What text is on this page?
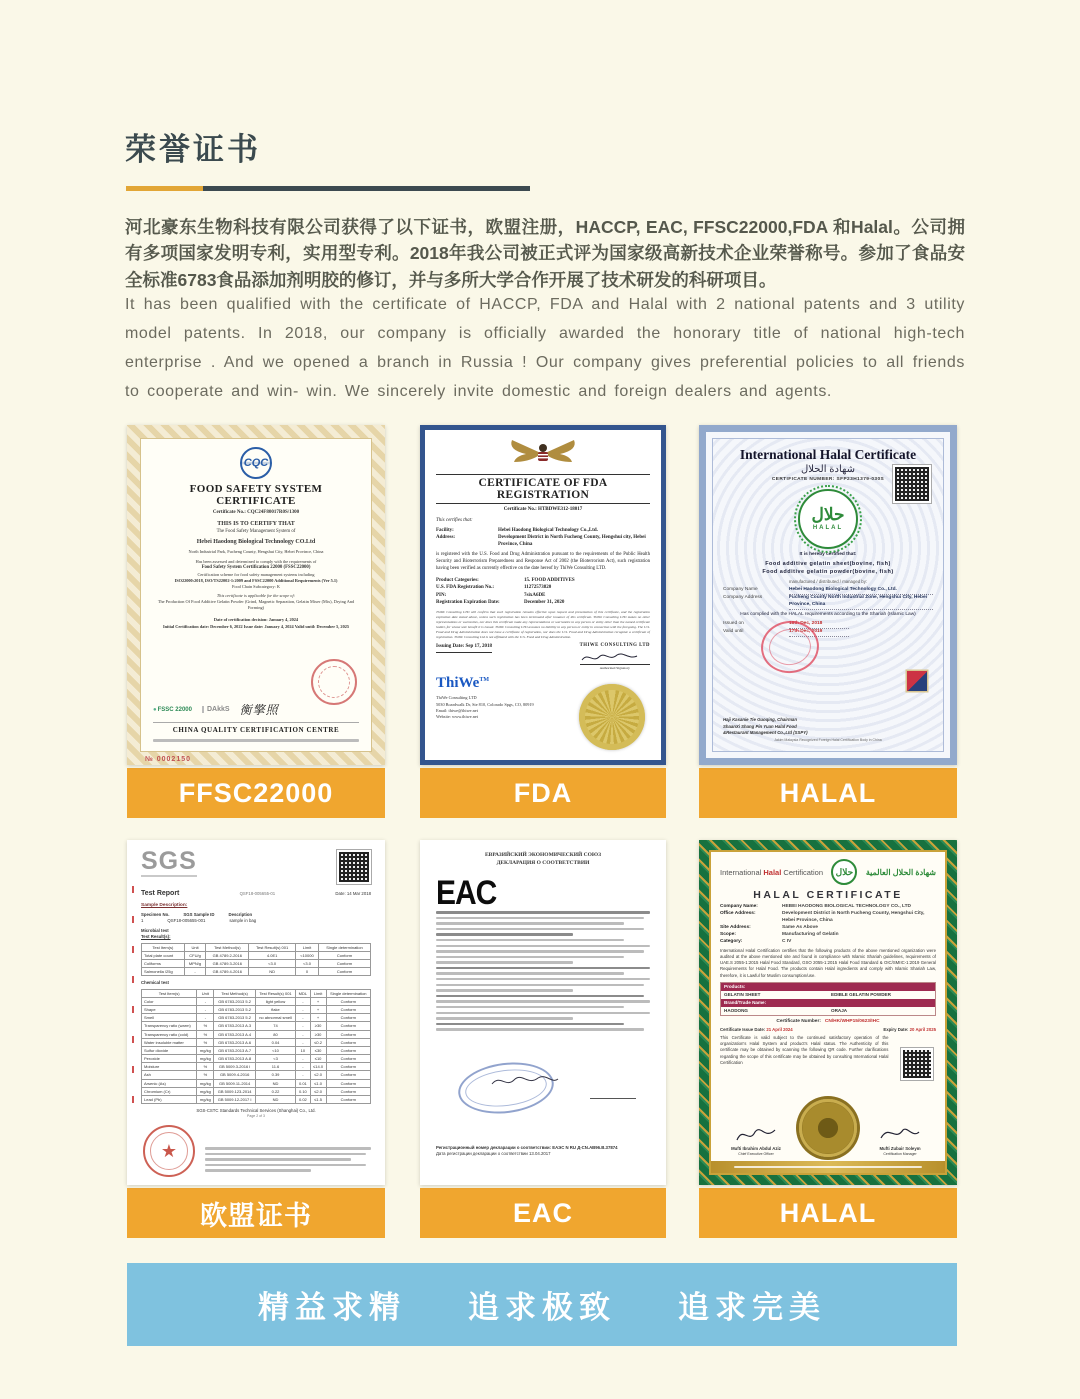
荣誉证书
河北豪东生物科技有限公司获得了以下证书，欧盟注册，HACCP, EAC, FFSC22000,FDA 和Halal。公司拥有多项国家发明专利，实用型专利。2018年我公司被正式评为国家级高新技术企业荣誉称号。参加了食品安全标准6783食品添加剂明胶的修订，并与多所大学合作开展了技术研发的科研项目。
It has been qualified with the certificate of HACCP, FDA and Halal with 2 national patents and 3 utility model patents. In 2018, our company is officially awarded the honorary title of national high-tech enterprise . And we opened a branch in Russia ! Our company gives preferential policies to all friends to cooperate and win- win. We sincerely invite domestic and foreign dealers and agents.
CQC
FOOD SAFETY SYSTEM CERTIFICATE
Certificate No.: CQC24F80017R0S/1300
THIS IS TO CERTIFY THAT
The Food Safety Management System of
Hebei Haodong Biological Technology CO.Ltd
North Industrial Park, Fucheng County, Hengshui City, Hebei Province, China
Has been assessed and determined to comply with the requirements of
Food Safety System Certification 22000 (FSSC22000)
Certification scheme for food safety management systems including
ISO22000:2018, ISO/TS22002-1:2009 and FSSC22000 Additional Requirements (Ver 5.1)
Food Chain Subcategory: K
This certificate is applicable for the scope of:
The Production Of Food Additive Gelatin Powder (Grind, Magnetic Separation, Gelatin Mixer (Mix), Drying And Forming)
Date of certification decision: January 4, 2024
Initial Certification date: December 6, 2022 Issue date: January 4, 2024 Valid until: December 5, 2025
● FSSC 22000	DAkkS 衡擎照
CHINA QUALITY CERTIFICATION CENTRE
№ 0002150
FFSC22000
CERTIFICATE OF FDA REGISTRATION
Certificate No.: HTBDWE312-18017
This certifies that:
Facility:	Hebei Haodong Biological Technology Co.,Ltd.
Address:	Development District in North Fucheng County, Hengshui city, Hebei Province, China
is registered with the U.S. Food and Drug Administration pursuant to the requirements of the Public Health Security and Bioterrorism Preparedness and Response Act of 2002 (the Bioterrorism Act), such registration having been verified as currently effective on the date hereof by ThiWe Consulting LTD.
Product Categories:	15. FOOD ADDITIVES
U.S. FDA Registration No.:	11272573820
PIN:	7sixA6DE
Registration Expiration Date:	December 31, 2020
ThiWe Consulting LTD will confirm that such registration remains effective upon request and presentation of this certificate, and the registration expiration date stated above, unless such registration has been terminated after issuance of this certificate. ThiWe Consulting LTD makes no other representations or warranties, nor does this certificate make any representations or warranties to any person or entity other than the named certificate holder, for whose sole benefit it is issued. ThiWe Consulting LTD assumes no liability to any person or entity in connection with the foregoing. The U.S. Food and Drug Administration does not issue a certificate of registration, nor does the U.S. Food and Drug Administration recognize a certificate of registration. ThiWe Consulting Ltd is not affiliated with the U.S. Food and Drug Administration.
Issuing Date: Sep 17, 2018	THIWE CONSULTING LTD
Authorized Signatory
ThiWe™
ThiWe Consulting LTD
5030 Boardwalk Dr, Ste 810, Colorado Spgs, CO, 80919
Email: thiwe@thiwe.net
Website: www.thiwe.net
FDA
International Halal Certificate
شهادة الحلال
CERTIFICATE NUMBER: SFP23H1379-030S
حلال
HALAL
It is hereby certified that:
Food additive gelatin sheet(bovine, fish)
Food additive gelatin powder(bovine, fish)
manufactured / distributed / managed by:
Company Name	Hebei Haodong Biological Technology Co., Ltd.
Company Address	Fucheng County North Industrial Zone, Hengshui City, Hebei Province, China
Has complied with the HALAL requirements according to the Shariah (Islamic Law)
Issued on	18th Dec, 2018
Valid until	17th Dec, 2019
Haji Kasanie Tie Guoqing, Chairman
ShaanXi Shang Pin Yuan Halal Food
&Restaurant Management Co.,Ltd (SSPY)
Jakim Malaysia Recognized Foreign Halal Certification Body in China
HALAL
SGS
Test Report	QSF18-005655-01	Date: 14 Mar 2018
Sample Description:
Specimen No.	SGS Sample ID	Description
1	QSF18-005655-001	sample in bag
Microbial test
Test Result(s):
Test Item(s)	Unit	Test Method(s)	Test Result(s) 001	Limit	Single determination
Total plate count	CFU/g	GB 4789.2-2016	4.0E1	<10000	Conform
Coliforms	MPN/g	GB 4789.3-2016	<3.0	<3.0	Conform
Salmonella /25g	-	GB 4789.4-2016	ND	0	Conform
Chemical test
Test Item(s)	Unit	Test Method(s)	Test Result(s) 001	MDL	Limit	Single determination
Color	-	GB 6783-2013 5.2	light yellow	-	+	Conform
Shape	-	GB 6783-2013 5.2	flake	-	+	Conform
Smell	-	GB 6783-2013 5.2	no abnormal smell	-	+	Conform
Transparency ratio (warm)	%	GB 6783-2013 A.3	74	-	≥30	Conform
Transparency ratio (cold)	%	GB 6783-2013 A.4	80	-	≥30	Conform
Water insoluble matter	%	GB 6783-2013 A.6	0.04	-	≤0.2	Conform
Sulfur dioxide	mg/kg	GB 6783-2013 A.7	<10	10	≤30	Conform
Peroxide	mg/kg	GB 6783-2013 A.8	<3	-	≤10	Conform
Moisture	%	GB 5009.3-2016 I	11.6	-	≤14.0	Conform
Ash	%	GB 5009.4-2016	0.39	-	≤2.0	Conform
Arsenic (As)	mg/kg	GB 5009.11-2014	ND	0.01	≤1.0	Conform
Chromium (Cr)	mg/kg	GB 5009.123-2014	0.22	0.10	≤2.0	Conform
Lead (Pb)	mg/kg	GB 5009.12-2017 I	ND	0.02	≤1.5	Conform
SGS-CSTC Standards Technical Services (Shanghai) Co., Ltd.
Page 2 of 3
★
欧盟证书
ЕВРАЗИЙСКИЙ ЭКОНОМИЧЕСКИЙ СОЮЗ
ДЕКЛАРАЦИЯ О СООТВЕТСТВИИ
EAC
Регистрационный номер декларации о соответствии: ЕАЭС N RU Д-CN.АВ96.В.37874
Дата регистрации декларации о соответствии 13.04.2017
EAC
International Halal Certification	حلال	شهادة الحلال العالمية
HALAL CERTIFICATE
Company Name:	HEBEI HAODONG BIOLOGICAL TECHNOLOGY CO., LTD
Office Address:	Development District in North Fucheng County, Hengshui City, Hebei Province, China
Site Address:	Same As Above
Scope:	Manufacturing of Gelatin
Category:	C IV
International Halal Certification certifies that the following products of the above mentioned organization were audited at the above mentioned site and found in compliance with Islamic Shariah guidelines, requirements of UAE.S 2055-1:2015 Halal Food Standard, GSO 2055-1:2015 Halal Food Standard & OIC/SMIIC-1:2019 General Requirements for Halal Food. The products contain Halal ingredients and comply with Islamic Shariah Law, therefore, it is Lawful for Muslim consumption/use.
Products:
GELATIN SHEET	EDIBLE GELATIN POWDER
Brand/Trade Name:
HAODONG	ORAJA
Certificate Number: CN/HK/WHP15/0623/IHC
Certificate Issue Date: 21 April 2024	Expiry Date: 20 April 2025
This Certificate is valid subject to the continued satisfactory operation of the organization's Halal System and product's Halal status. The Authenticity of this certificate may be obtained by scanning the following QR code. Further clarifications regarding the scope of this certificate may be obtained by consulting International Halal Certification
Mufti Ibrahim Abdul Aziz
Chief Executive Officer
Mufti Zubair Soleym
Certification Manager
HALAL
精益求精 追求极致 追求完美
